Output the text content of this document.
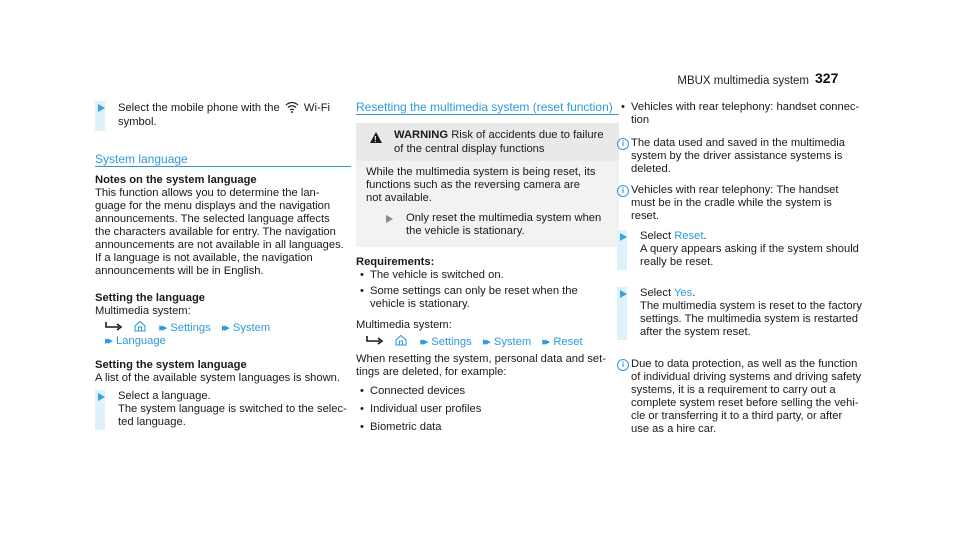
MBUX multimedia system 327
Select the mobile phone with the Wi-Fi
symbol.
System language
Notes on the system language
This function allows you to determine the lan-
guage for the menu displays and the navigation
announcements. The selected language affects
the characters available for entry. The navigation
announcements are not available in all languages.
If a language is not available, the navigation
announcements will be in English.
Setting the language
Multimedia system:
▸▸ Settings ▸▸ System
▸▸ Language
Setting the system language
A list of the available system languages is shown.
Select a language.
The system language is switched to the selec-
ted language.
Resetting the multimedia system (reset function)
! WARNING Risk of accidents due to failure
of the central display functions
While the multimedia system is being reset, its
functions such as the reversing camera are
not available.
Only reset the multimedia system when
the vehicle is stationary.
Requirements:
• The vehicle is switched on.
• Some settings can only be reset when the
vehicle is stationary.
Multimedia system:
▸▸ Settings ▸▸ System ▸▸ Reset
When resetting the system, personal data and set-
tings are deleted, for example:
• Connected devices
• Individual user profiles
• Biometric data
• Vehicles with rear telephony: handset connec-
tion
i The data used and saved in the multimedia
system by the driver assistance systems is
deleted.
i Vehicles with rear telephony: The handset
must be in the cradle while the system is
reset.
Select Reset.
A query appears asking if the system should
really be reset.
Select Yes.
The multimedia system is reset to the factory
settings. The multimedia system is restarted
after the system reset.
i Due to data protection, as well as the function
of individual driving systems and driving safety
systems, it is a requirement to carry out a
complete system reset before selling the vehi-
cle or transferring it to a third party, or after
use as a hire car.
